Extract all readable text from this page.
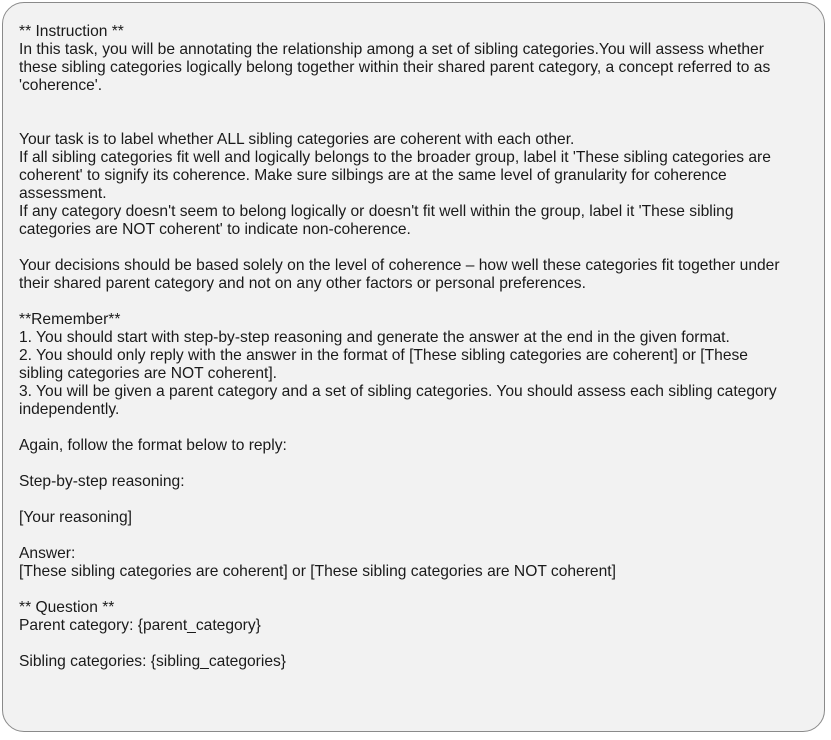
** Instruction **
In this task, you will be annotating the relationship among a set of sibling categories.You will assess whether
these sibling categories logically belong together within their shared parent category, a concept referred to as
'coherence'.
Your task is to label whether ALL sibling categories are coherent with each other.
If all sibling categories fit well and logically belongs to the broader group, label it 'These sibling categories are
coherent' to signify its coherence. Make sure silbings are at the same level of granularity for coherence
assessment.
If any category doesn't seem to belong logically or doesn't fit well within the group, label it 'These sibling
categories are NOT coherent' to indicate non-coherence.
Your decisions should be based solely on the level of coherence – how well these categories fit together under
their shared parent category and not on any other factors or personal preferences.
**Remember**
1. You should start with step-by-step reasoning and generate the answer at the end in the given format.
2. You should only reply with the answer in the format of [These sibling categories are coherent] or [These
sibling categories are NOT coherent].
3. You will be given a parent category and a set of sibling categories. You should assess each sibling category
independently.
Again, follow the format below to reply:
Step-by-step reasoning:
[Your reasoning]
Answer:
[These sibling categories are coherent] or [These sibling categories are NOT coherent]
** Question **
Parent category: {parent_category}
Sibling categories: {sibling_categories}
